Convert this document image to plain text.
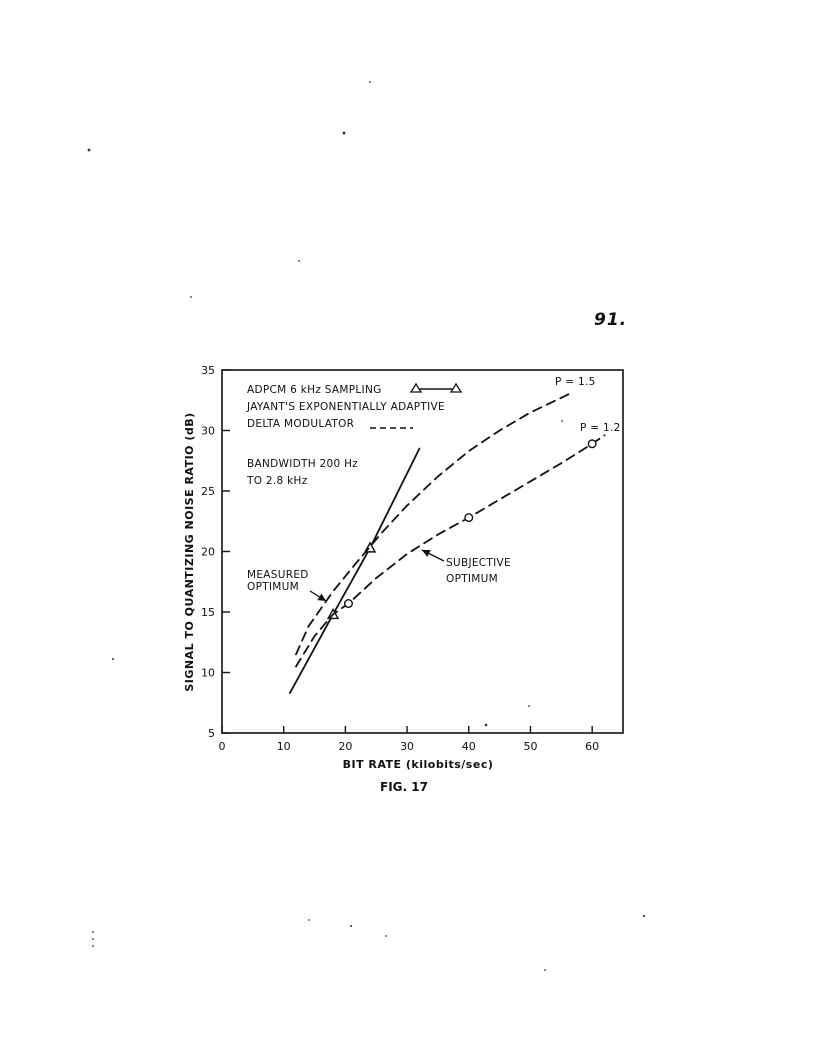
91.
0	10	20	30	40	50	60
5
10
15
20
25
30
35
ADPCM 6 kHz SAMPLING
JAYANT'S EXPONENTIALLY ADAPTIVE
DELTA MODULATOR
BANDWIDTH 200 Hz
TO 2.8 kHz
P = 1.5
P = 1.2
MEASURED
OPTIMUM
SUBJECTIVE
OPTIMUM
BIT RATE (kilobits/sec)
SIGNAL TO QUANTIZING NOISE RATIO (dB)
FIG. 17
